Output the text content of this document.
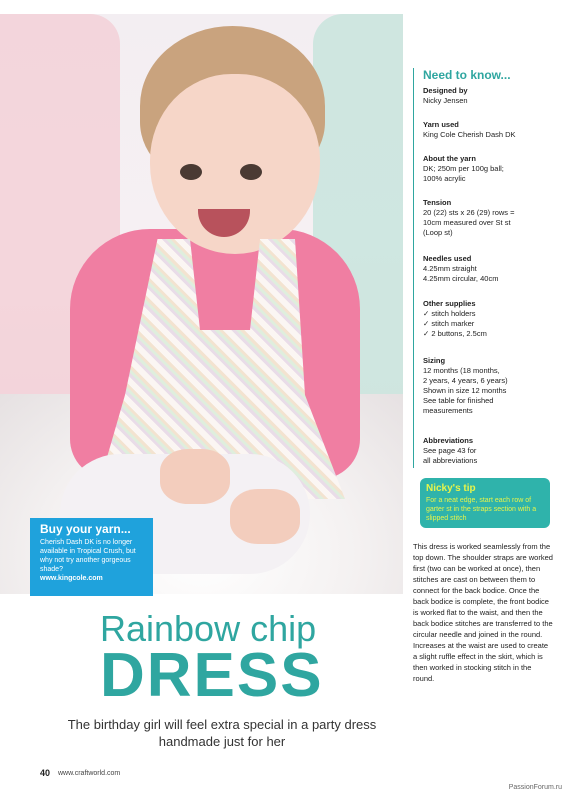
Buy your yarn...

Cherish Dash DK is no longer available in Tropical Crush, but why not try another gorgeous shade?

www.kingcole.com

Need to know...
Designed by
Nicky Jensen
Yarn used
King Cole Cherish Dash DK
About the yarn
DK; 250m per 100g ball;
100% acrylic
Tension
20 (22) sts x 26 (29) rows =
10cm measured over St st
(Loop st)
Needles used
4.25mm straight
4.25mm circular, 40cm
Other supplies
✓ stitch holders
✓ stitch marker
✓ 2 buttons, 2.5cm
Sizing
12 months (18 months,
2 years, 4 years, 6 years)
Shown in size 12 months
See table for finished
measurements
Abbreviations
See page 43 for
all abbreviations
Nicky's tip
For a neat edge, start each row of garter st in the straps section with a slipped stitch
This dress is worked seamlessly from the top down. The shoulder straps are worked first (two can be worked at once), then stitches are cast on between them to connect for the back bodice. Once the back bodice is complete, the front bodice is worked flat to the waist, and then the back bodice stitches are transferred to the circular needle and joined in the round. Increases at the waist are used to create a slight ruffle effect in the skirt, which is then worked in stocking stitch in the round.
Rainbow chip
DRESS
The birthday girl will feel extra special in a party dress handmade just for her
40 www.craftworld.com
PassionForum.ru
